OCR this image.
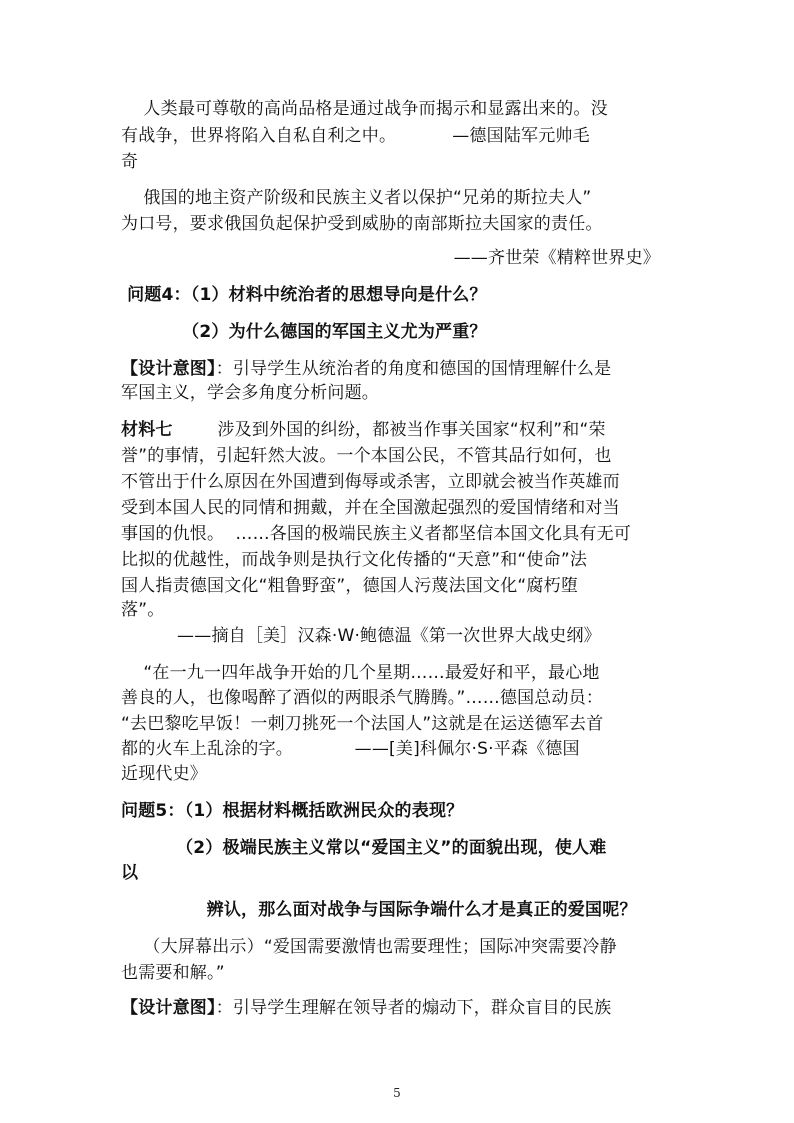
人类最可尊敬的高尚品格是通过战争而揭示和显露出来的。没
有战争，世界将陷入自私自利之中。          —德国陆军元帅毛
奇
俄国的地主资产阶级和民族主义者以保护“兄弟的斯拉夫人”
为口号，要求俄国负起保护受到威胁的南部斯拉夫国家的责任。
——齐世荣《精粹世界史》
问题4：（1）材料中统治者的思想导向是什么？
（2）为什么德国的军国主义尤为严重？
【设计意图】：引导学生从统治者的角度和德国的国情理解什么是
军国主义，学会多角度分析问题。
材料七        涉及到外国的纠纷，都被当作事关国家“权利”和“荣
誉”的事情，引起轩然大波。一个本国公民，不管其品行如何，也
不管出于什么原因在外国遭到侮辱或杀害，立即就会被当作英雄而
受到本国人民的同情和拥戴，并在全国激起强烈的爱国情绪和对当
事国的仇恨。  ……各国的极端民族主义者都坚信本国文化具有无可
比拟的优越性，而战争则是执行文化传播的“天意”和“使命”法
国人指责德国文化“粗鲁野蛮”，德国人污蔑法国文化“腐朽堕
落”。
——摘自［美］汉森·W·鲍德温《第一次世界大战史纲》
“在一九一四年战争开始的几个星期……最爱好和平，最心地
善良的人，也像喝醉了酒似的两眼杀气腾腾。”……德国总动员：
“去巴黎吃早饭！一刺刀挑死一个法国人”这就是在运送德军去首
都的火车上乱涂的字。           ——[美]科佩尔·S·平森《德国
近现代史》
问题5：（1）根据材料概括欧洲民众的表现？
（2）极端民族主义常以“爱国主义”的面貌出现，使人难
以
辨认，那么面对战争与国际争端什么才是真正的爱国呢？
（大屏幕出示）“爱国需要激情也需要理性；国际冲突需要冷静
也需要和解。”
【设计意图】：引导学生理解在领导者的煽动下，群众盲目的民族
5
